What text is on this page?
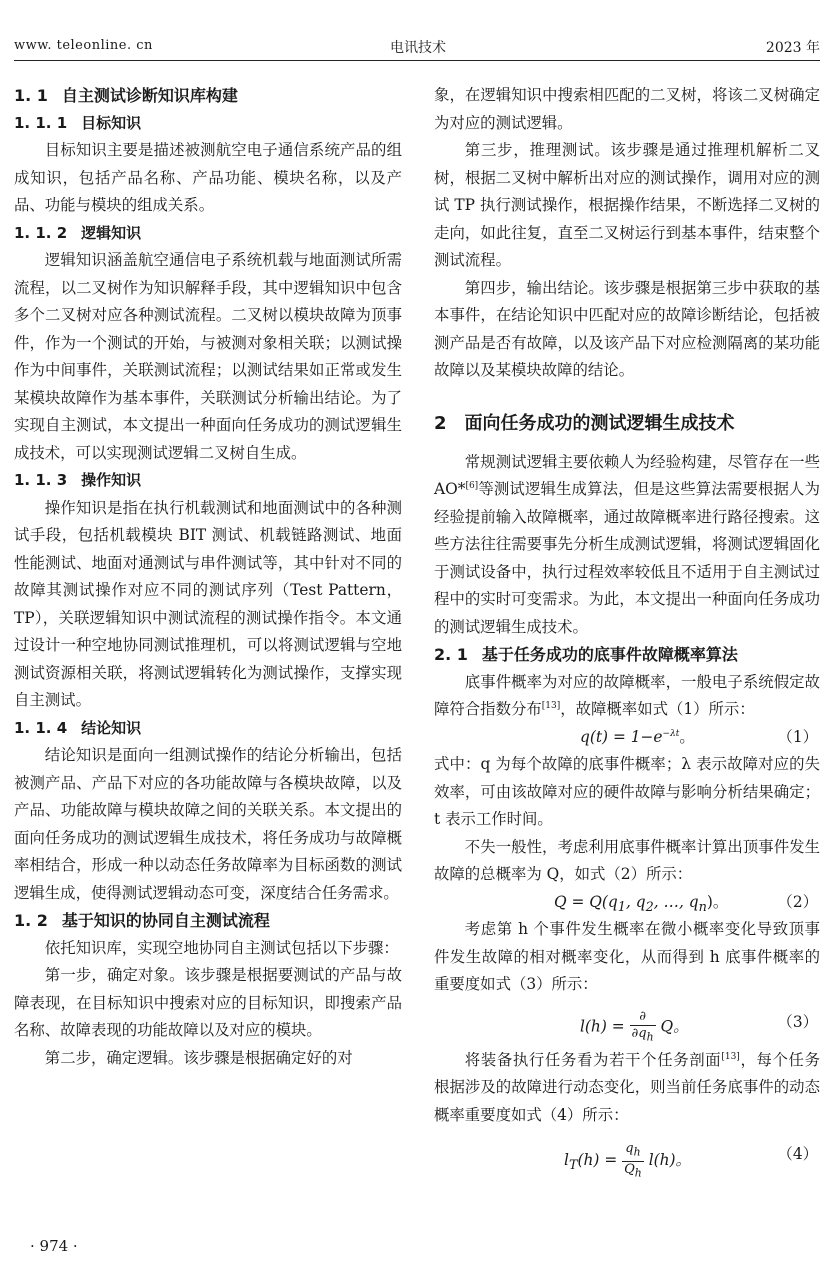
www. teleonline. cn	电讯技术	2023 年
1. 1 自主测试诊断知识库构建
1. 1. 1 目标知识

目标知识主要是描述被测航空电子通信系统产品的组成知识，包括产品名称、产品功能、模块名称，以及产品、功能与模块的组成关系。

1. 1. 2 逻辑知识

逻辑知识涵盖航空通信电子系统机载与地面测试所需流程，以二叉树作为知识解释手段，其中逻辑知识中包含多个二叉树对应各种测试流程。二叉树以模块故障为顶事件，作为一个测试的开始，与被测对象相关联；以测试操作为中间事件，关联测试流程；以测试结果如正常或发生某模块故障作为基本事件，关联测试分析输出结论。为了实现自主测试，本文提出一种面向任务成功的测试逻辑生成技术，可以实现测试逻辑二叉树自生成。

1. 1. 3 操作知识

操作知识是指在执行机载测试和地面测试中的各种测试手段，包括机载模块 BIT 测试、机载链路测试、地面性能测试、地面对通测试与串件测试等，其中针对不同的故障其测试操作对应不同的测试序列（Test Pattern，TP），关联逻辑知识中测试流程的测试操作指令。本文通过设计一种空地协同测试推理机，可以将测试逻辑与空地测试资源相关联，将测试逻辑转化为测试操作，支撑实现自主测试。

1. 1. 4 结论知识

结论知识是面向一组测试操作的结论分析输出，包括被测产品、产品下对应的各功能故障与各模块故障，以及产品、功能故障与模块故障之间的关联关系。本文提出的面向任务成功的测试逻辑生成技术，将任务成功与故障概率相结合，形成一种以动态任务故障率为目标函数的测试逻辑生成，使得测试逻辑动态可变，深度结合任务需求。

1. 2 基于知识的协同自主测试流程

依托知识库，实现空地协同自主测试包括以下步骤：

第一步，确定对象。该步骤是根据要测试的产品与故障表现，在目标知识中搜索对应的目标知识，即搜索产品名称、故障表现的功能故障以及对应的模块。

第二步，确定逻辑。该步骤是根据确定好的对

象，在逻辑知识中搜索相匹配的二叉树，将该二叉树确定为对应的测试逻辑。

第三步，推理测试。该步骤是通过推理机解析二叉树，根据二叉树中解析出对应的测试操作，调用对应的测试 TP 执行测试操作，根据操作结果，不断选择二叉树的走向，如此往复，直至二叉树运行到基本事件，结束整个测试流程。

第四步，输出结论。该步骤是根据第三步中获取的基本事件，在结论知识中匹配对应的故障诊断结论，包括被测产品是否有故障，以及该产品下对应检测隔离的某功能故障以及某模块故障的结论。

2 面向任务成功的测试逻辑生成技术

常规测试逻辑主要依赖人为经验构建，尽管存在一些 AO*[6]等测试逻辑生成算法，但是这些算法需要根据人为经验提前输入故障概率，通过故障概率进行路径搜索。这些方法往往需要事先分析生成测试逻辑，将测试逻辑固化于测试设备中，执行过程效率较低且不适用于自主测试过程中的实时可变需求。为此，本文提出一种面向任务成功的测试逻辑生成技术。

2. 1 基于任务成功的底事件故障概率算法

底事件概率为对应的故障概率，一般电子系统假定故障符合指数分布[13]，故障概率如式（1）所示：

$q(t) = 1-e^{-\lambda t}$。	（1）

式中：q 为每个故障的底事件概率；λ 表示故障对应的失效率，可由该故障对应的硬件故障与影响分析结果确定；t 表示工作时间。

不失一般性，考虑利用底事件概率计算出顶事件发生故障的总概率为 Q，如式（2）所示：

$Q = Q(q_1$, $q_2$, …, $q_n$)。	（2）

考虑第 h 个事件发生概率在微小概率变化导致顶事件发生故障的相对概率变化，从而得到 h 底事件概率的重要度如式（3）所示：

$l(h) = \frac{\partial}{\partial q_h}$ Q。	（3）

将装备执行任务看为若干个任务剖面[13]，每个任务根据涉及的故障进行动态变化，则当前任务底事件的动态概率重要度如式（4）所示：

$l_T(h) = \frac{q_h}{Q_h} l(h)$。	（4）
· 974 ·
